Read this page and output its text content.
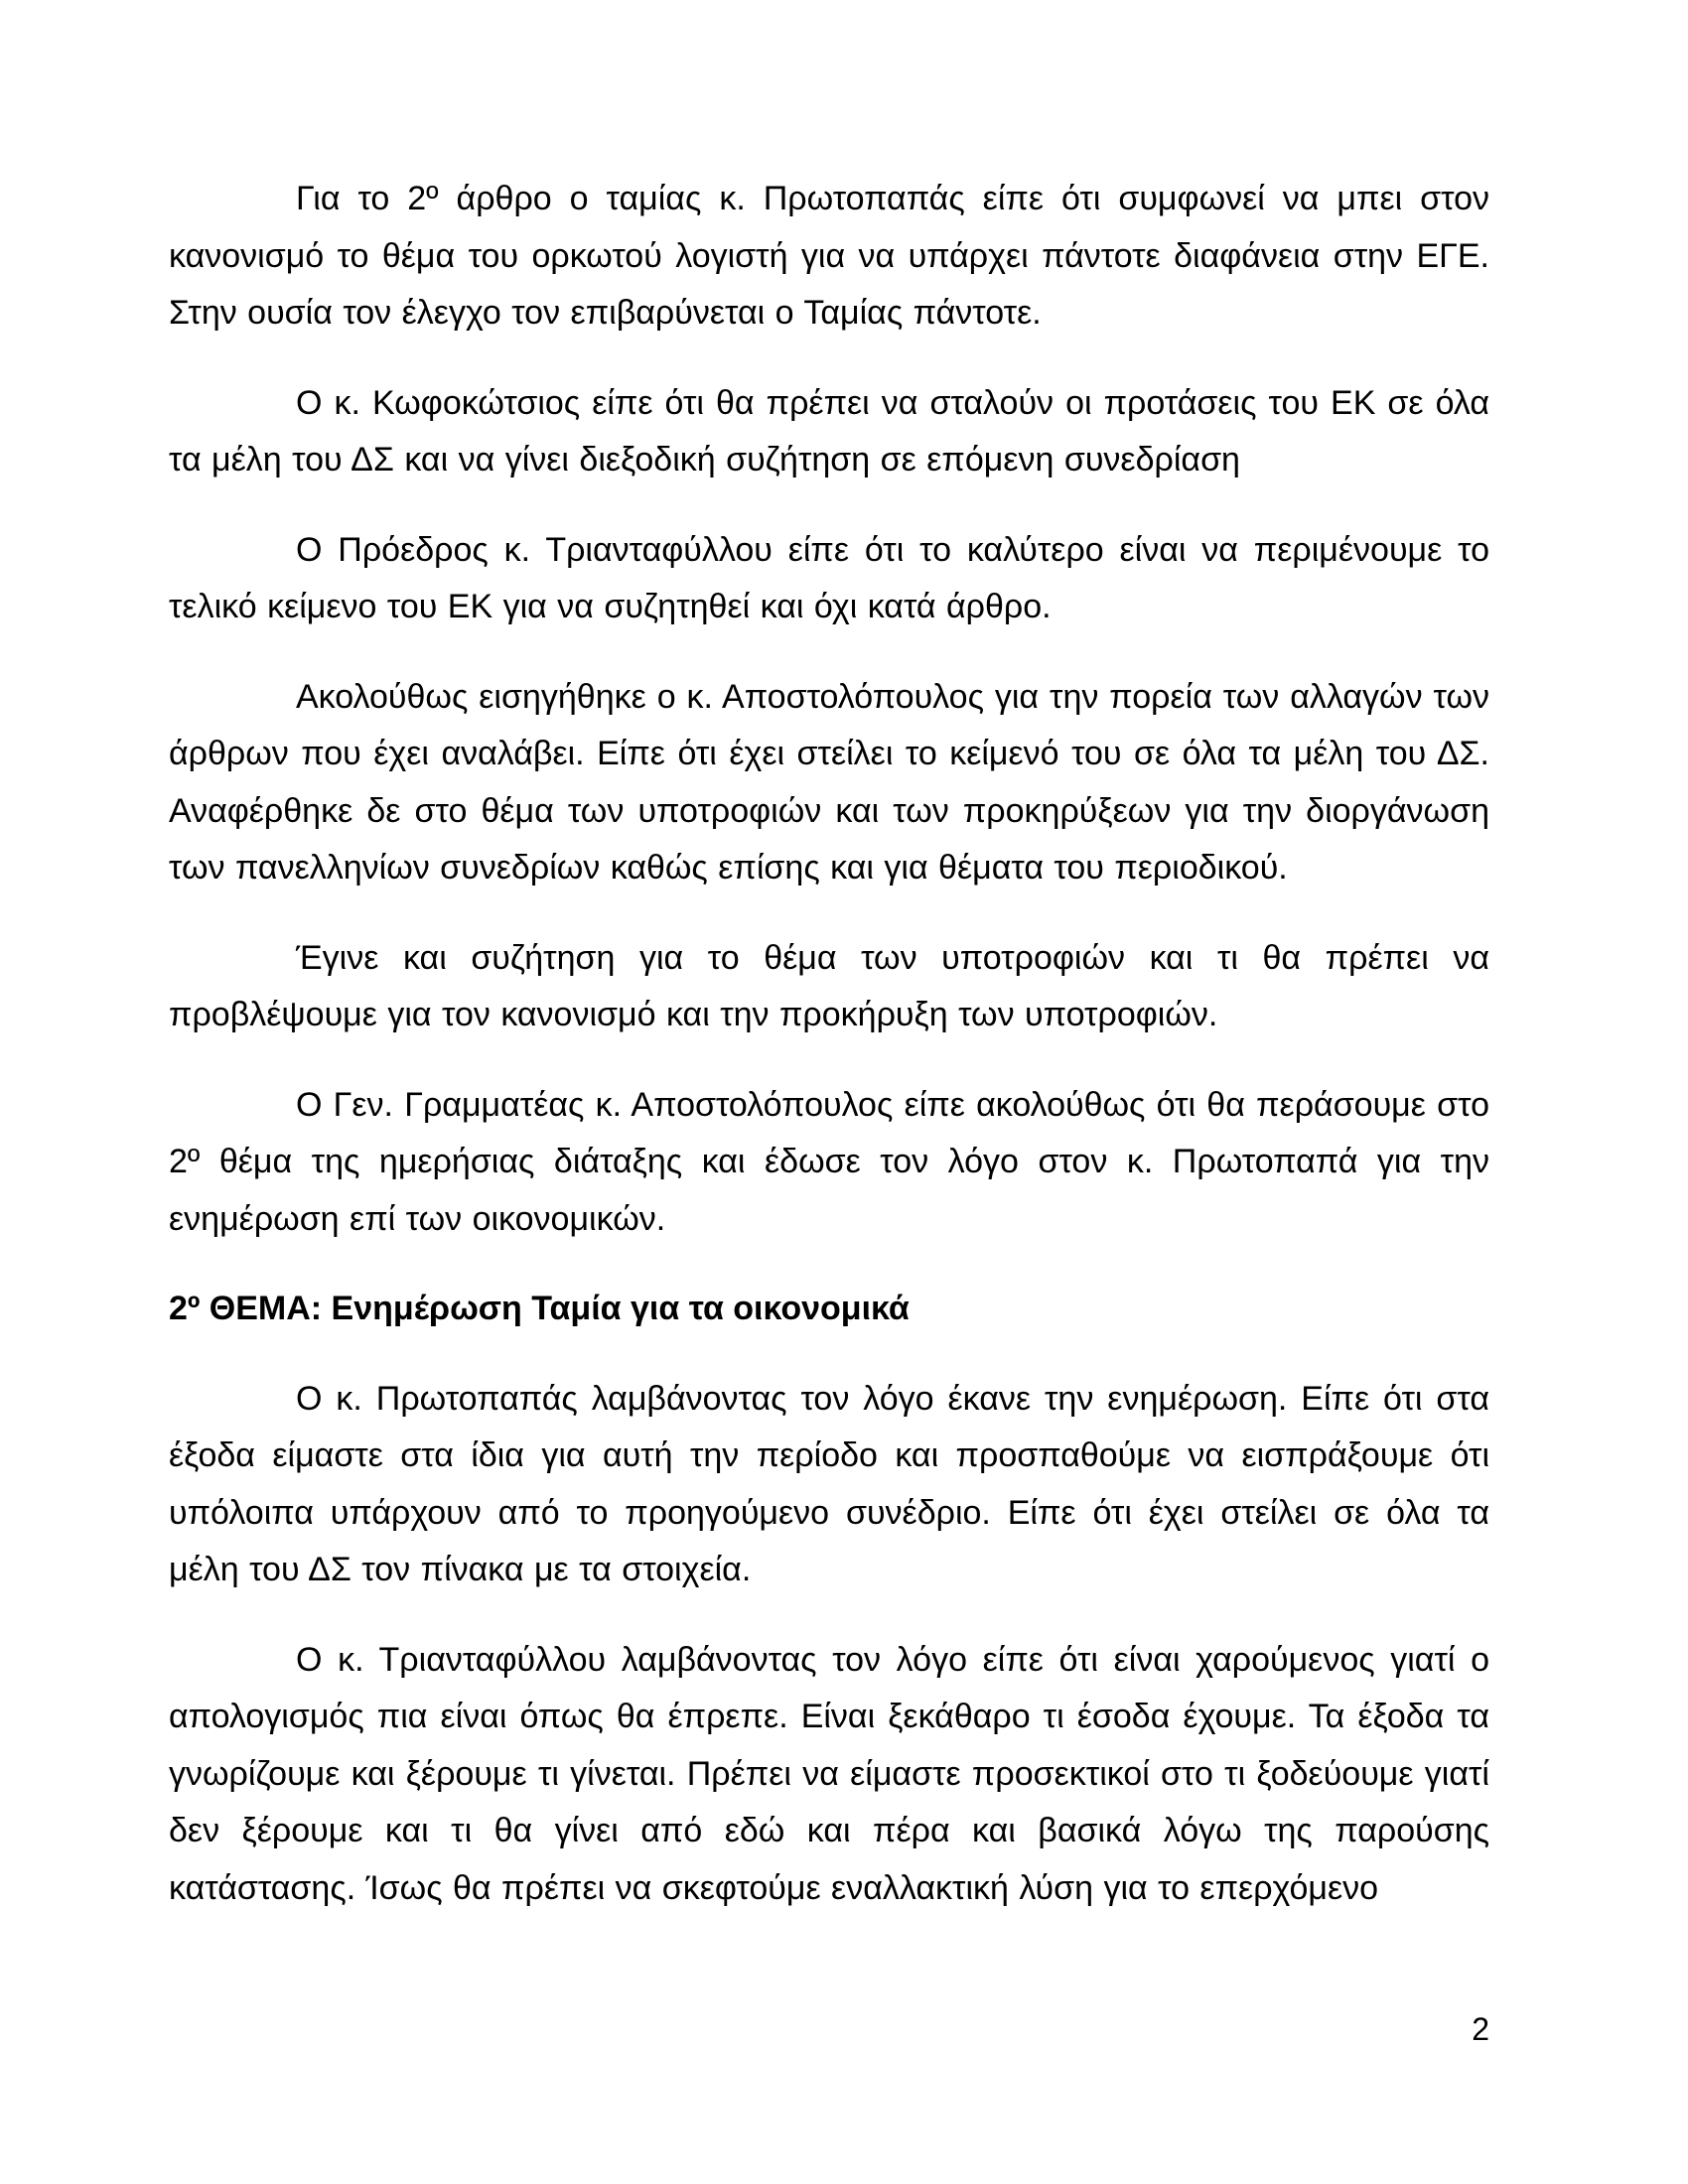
Για το 2º άρθρο ο ταμίας κ. Πρωτοπαπάς είπε ότι συμφωνεί να μπει στον κανονισμό το θέμα του ορκωτού λογιστή για να υπάρχει πάντοτε διαφάνεια στην ΕΓΕ. Στην ουσία τον έλεγχο τον επιβαρύνεται ο Ταμίας πάντοτε.

Ο κ. Κωφοκώτσιος είπε ότι θα πρέπει να σταλούν οι προτάσεις του ΕΚ σε όλα τα μέλη του ΔΣ και να γίνει διεξοδική συζήτηση σε επόμενη συνεδρίαση

Ο Πρόεδρος κ. Τριανταφύλλου είπε ότι το καλύτερο είναι να περιμένουμε το τελικό κείμενο του ΕΚ για να συζητηθεί και όχι κατά άρθρο.

Ακολούθως εισηγήθηκε ο κ. Αποστολόπουλος για την πορεία των αλλαγών των άρθρων που έχει αναλάβει. Είπε ότι έχει στείλει το κείμενό του σε όλα τα μέλη του ΔΣ. Αναφέρθηκε δε στο θέμα των υποτροφιών και των προκηρύξεων για την διοργάνωση των πανελληνίων συνεδρίων καθώς επίσης και για θέματα του περιοδικού.

Έγινε και συζήτηση για το θέμα των υποτροφιών και τι θα πρέπει να προβλέψουμε για τον κανονισμό και την προκήρυξη των υποτροφιών.

Ο Γεν. Γραμματέας κ. Αποστολόπουλος είπε ακολούθως ότι θα περάσουμε στο 2º θέμα της ημερήσιας διάταξης και έδωσε τον λόγο στον κ. Πρωτοπαπά για την ενημέρωση επί των οικονομικών.

2º ΘΕΜΑ: Ενημέρωση Ταμία για τα οικονομικά

Ο κ. Πρωτοπαπάς λαμβάνοντας τον λόγο έκανε την ενημέρωση. Είπε ότι στα έξοδα είμαστε στα ίδια για αυτή την περίοδο και προσπαθούμε να εισπράξουμε ότι υπόλοιπα υπάρχουν από το προηγούμενο συνέδριο. Είπε ότι έχει στείλει σε όλα τα μέλη του ΔΣ τον πίνακα με τα στοιχεία.

Ο κ. Τριανταφύλλου λαμβάνοντας τον λόγο είπε ότι είναι χαρούμενος γιατί ο απολογισμός πια είναι όπως θα έπρεπε. Είναι ξεκάθαρο τι έσοδα έχουμε. Τα έξοδα τα γνωρίζουμε και ξέρουμε τι γίνεται. Πρέπει να είμαστε προσεκτικοί στο τι ξοδεύουμε γιατί δεν ξέρουμε και τι θα γίνει από εδώ και πέρα και βασικά λόγω της παρούσης κατάστασης. Ίσως θα πρέπει να σκεφτούμε εναλλακτική λύση για το επερχόμενο

2
